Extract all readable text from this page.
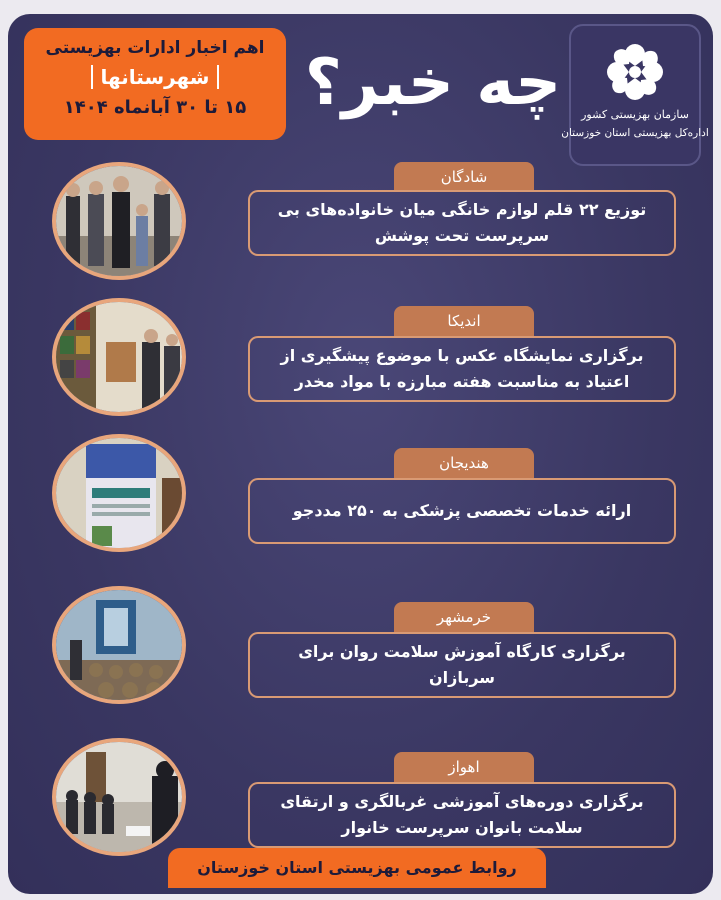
سازمان بهزیستی کشور
اداره‌کل بهزیستی استان خوزستان
چه خبر؟
اهم اخبار ادارات بهزیستی
شهرستانها
۱۵ تا ۳۰ آبانماه ۱۴۰۴
شادگان
توزیع ۲۲ قلم لوازم خانگی میان خانواده‌های بی سرپرست تحت پوشش
اندیکا
برگزاری نمایشگاه عکس با موضوع پیشگیری از اعتیاد به مناسبت هفته مبارزه با مواد مخدر
هندیجان
ارائه خدمات تخصصی پزشکی به ۲۵۰ مددجو
خرمشهر
برگزاری کارگاه آموزش سلامت روان برای سربازان
اهواز
برگزاری دوره‌های آموزشی غربالگری و ارتقای سلامت بانوان سرپرست خانوار
روابط عمومی بهزیستی استان خوزستان
